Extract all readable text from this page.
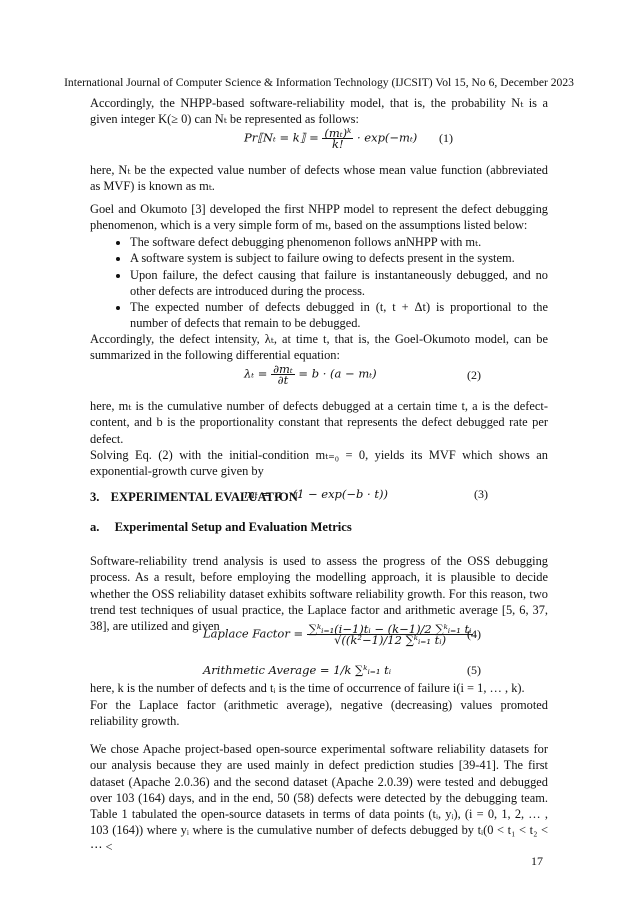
International Journal of Computer Science & Information Technology (IJCSIT) Vol 15, No 6, December 2023
Accordingly, the NHPP-based software-reliability model, that is, the probability Nₜ is a given integer K(≥ 0) can Nₜ be represented as follows:
Pr⟦Nₜ = k⟧ = $\frac{\text{(mₜ)ᵏ}}{k!} \cdot \exp(-m_t)$ (1)
here, Nₜ be the expected value number of defects whose mean value function (abbreviated as MVF) is known as mₜ.
Goel and Okumoto [3] developed the first NHPP model to represent the defect debugging phenomenon, which is a very simple form of mₜ, based on the assumptions listed below:
• The software defect debugging phenomenon follows anNHPP with mₜ.
• A software system is subject to failure owing to defects present in the system.
• Upon failure, the defect causing that failure is instantaneously debugged, and no other defects are introduced during the process.
• The expected number of defects debugged in (t, t + Δt) is proportional to the number of defects that remain to be debugged.
Accordingly, the defect intensity, λₜ, at time t, that is, the Goel-Okumoto model, can be summarized in the following differential equation:
$\lambda_t = \frac{\text{∂mₜ}}{\partial t} = b \cdot (a - m_t)$	(2)
here, mₜ is the cumulative number of defects debugged at a certain time t, a is the defect-content, and b is the proportionality constant that represents the defect debugged rate per defect.
Solving Eq. (2) with the initial-condition mₜ₌₀ = 0, yields its MVF which shows an exponential-growth curve given by
mₜ = a · (1 − exp(−b · t))	(3)
3. EXPERIMENTAL EVALUATION
a. Experimental Setup and Evaluation Metrics
Software-reliability trend analysis is used to assess the progress of the OSS debugging process. As a result, before employing the modelling approach, it is plausible to decide whether the OSS reliability dataset exhibits software reliability growth. For this reason, two trend test techniques of usual practice, the Laplace factor and arithmetic average [5, 6, 37, 38], are utilized and given
Laplace Factor = $\frac{\text{∑ᵏᵢ₌₁(i−1)tᵢ − (k−1)/2 ∑ᵏᵢ₌₁ tᵢ}}{\text{√((k²−1)/12 ∑ᵏᵢ₌₁ tᵢ)}}$
(4)
Arithmetic Average = 1/k ∑ᵏᵢ₌₁ tᵢ	(5)
here, k is the number of defects and tᵢ is the time of occurrence of failure i(i = 1, … , k).
For the Laplace factor (arithmetic average), negative (decreasing) values promoted reliability growth.
We chose Apache project-based open-source experimental software reliability datasets for our analysis because they are used mainly in defect prediction studies [39-41]. The first dataset (Apache 2.0.36) and the second dataset (Apache 2.0.39) were tested and debugged over 103 (164) days, and in the end, 50 (58) defects were detected by the debugging team. Table 1 tabulated the open-source datasets in terms of data points (tᵢ, yᵢ), (i = 0, 1, 2, … , 103 (164)) where yᵢ where is the cumulative number of defects debugged by tᵢ(0 < t₁ < t₂ < ⋯ <
17
